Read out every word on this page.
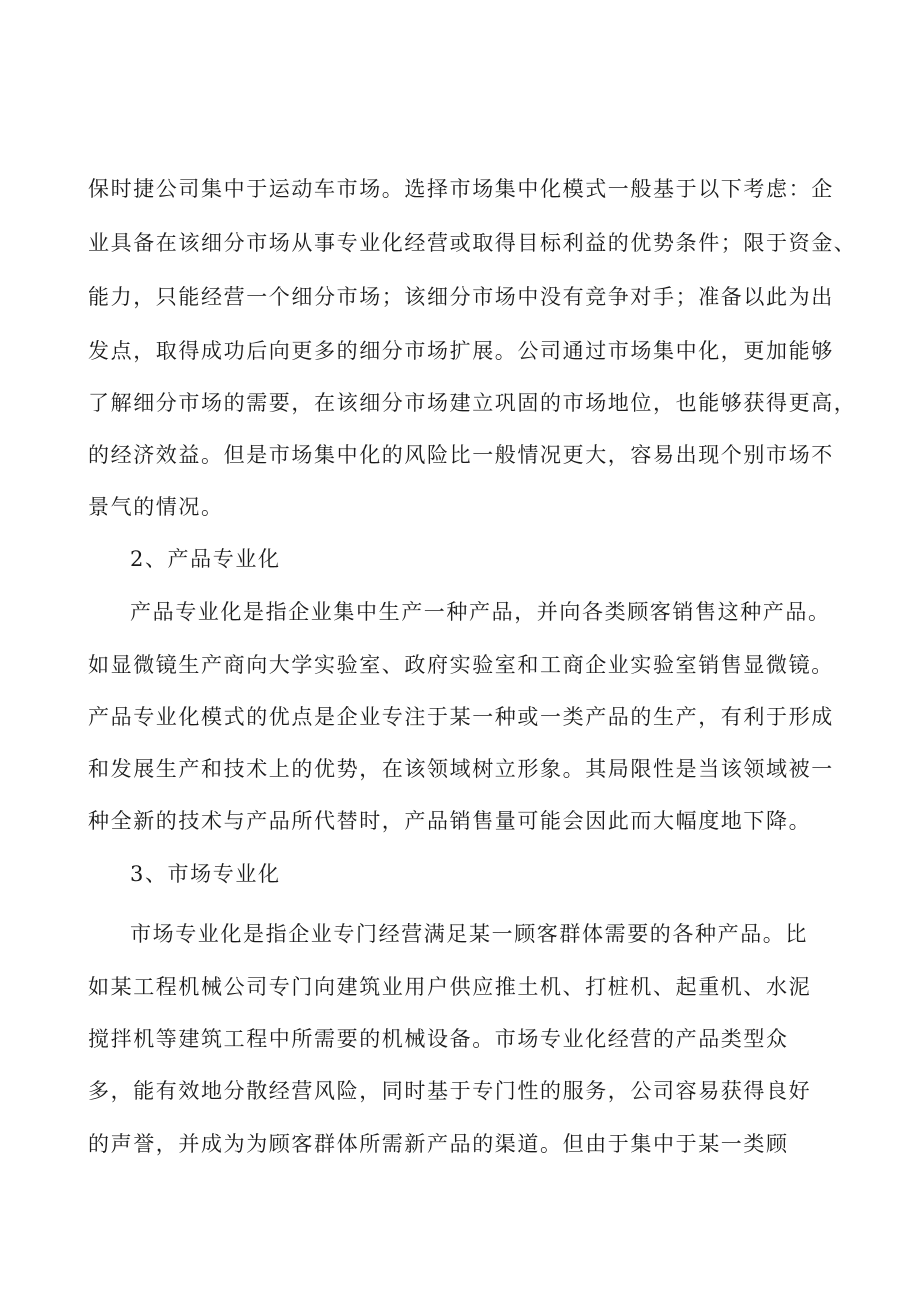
保时捷公司集中于运动车市场。选择市场集中化模式一般基于以下考虑：企
业具备在该细分市场从事专业化经营或取得目标利益的优势条件；限于资金、
能力，只能经营一个细分市场；该细分市场中没有竞争对手；准备以此为出
发点，取得成功后向更多的细分市场扩展。公司通过市场集中化，更加能够
了解细分市场的需要，在该细分市场建立巩固的市场地位，也能够获得更高，
的经济效益。但是市场集中化的风险比一般情况更大，容易出现个别市场不
景气的情况。
2、产品专业化
产品专业化是指企业集中生产一种产品，并向各类顾客销售这种产品。
如显微镜生产商向大学实验室、政府实验室和工商企业实验室销售显微镜。
产品专业化模式的优点是企业专注于某一种或一类产品的生产，有利于形成
和发展生产和技术上的优势，在该领域树立形象。其局限性是当该领域被一
种全新的技术与产品所代替时，产品销售量可能会因此而大幅度地下降。
3、市场专业化
市场专业化是指企业专门经营满足某一顾客群体需要的各种产品。比
如某工程机械公司专门向建筑业用户供应推土机、打桩机、起重机、水泥
搅拌机等建筑工程中所需要的机械设备。市场专业化经营的产品类型众
多，能有效地分散经营风险，同时基于专门性的服务，公司容易获得良好
的声誉，并成为为顾客群体所需新产品的渠道。但由于集中于某一类顾
